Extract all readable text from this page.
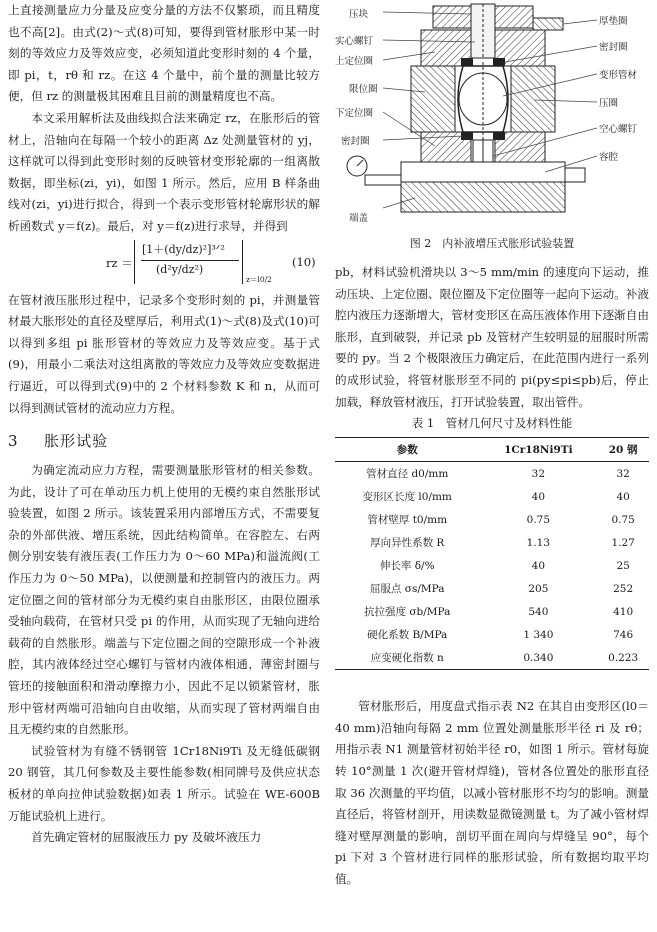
上直接测量应力分量及应变分量的方法不仅繁琐，而且精度也不高[2]。由式(2)～式(8)可知，要得到管材胀形中某一时刻的等效应力及等效应变，必须知道此变形时刻的 4 个量，即 pi，t，rθ 和 rz。在这 4 个量中，前个量的测量比较方便，但 rz 的测量极其困难且目前的测量精度也不高。

本文采用解析法及曲线拟合法来确定 rz，在胀形后的管材上，沿轴向在每隔一个较小的距离 Δz 处测量管材的 yj，这样就可以得到此变形时刻的反映管材变形轮廓的一组离散数据，即坐标(zi，yi)，如图 1 所示。然后，应用 B 样条曲线对(zi，yi)进行拟合，得到一个表示变形管材轮廓形状的解析函数式 y＝f(z)。最后，对 y＝f(z)进行求导，并得到

rz ＝
[1＋(dy/dz)²]³ᐟ²
(d²y/dz²)
z＝l0/2
(10)

在管材液压胀形过程中，记录多个变形时刻的 pi，并测量管材最大胀形处的直径及壁厚后，利用式(1)～式(8)及式(10)可以得到多组 pi 胀形管材的等效应力及等效应变。基于式(9)，用最小二乘法对这组离散的等效应力及等效应变数据进行逼近，可以得到式(9)中的 2 个材料参数 K 和 n，从而可以得到测试管材的流动应力方程。

3 胀形试验

为确定流动应力方程，需要测量胀形管材的相关参数。为此，设计了可在单动压力机上使用的无模约束自然胀形试验装置，如图 2 所示。该装置采用内部增压方式，不需要复杂的外部供液、增压系统，因此结构简单。在容腔左、右两侧分别安装有液压表(工作压力为 0～60 MPa)和溢流阀(工作压力为 0～50 MPa)，以便测量和控制管内的液压力。两定位圈之间的管材部分为无模约束自由胀形区，由限位圈承受轴向载荷，在管材只受 pi 的作用，从而实现了无轴向进给载荷的自然胀形。端盖与下定位圈之间的空隙形成一个补液腔，其内液体经过空心螺钉与管材内液体相通，薄密封圈与管坯的接触面积和滑动摩擦力小，因此不足以锁紧管材，胀形中管材两端可沿轴向自由收缩，从而实现了管材两端自由且无模约束的自然胀形。

试验管材为有缝不锈钢管 1Cr18Ni9Ti 及无缝低碳钢 20 钢管，其几何参数及主要性能参数(相同牌号及供应状态板材的单向拉伸试验数据)如表 1 所示。试验在 WE-600B 万能试验机上进行。

首先确定管材的屈服液压力 py 及破坏液压力

压块
实心螺钉
上定位圈
限位圈
下定位圈
密封圈
端盖
厚垫圈
密封圈
变形管材
压圈
空心螺钉
容腔
图 2　内补液增压式胀形试验装置

pb，材料试验机滑块以 3～5 mm/min 的速度向下运动，推动压块、上定位圈、限位圈及下定位圈等一起向下运动。补液腔内液压力逐渐增大，管材变形区在高压液体作用下逐渐自由胀形，直到破裂，并记录 pb 及管材产生较明显的屈服时所需要的 py。当 2 个极限液压力确定后，在此范围内进行一系列的成形试验，将管材胀形至不同的 pi(py≤pi≤pb)后，停止加载，释放管材液压，打开试验装置，取出管件。

表 1　管材几何尺寸及材料性能
参数	1Cr18Ni9Ti	20 钢
管材直径 d0/mm	32	32
变形区长度 l0/mm	40	40
管材壁厚 t0/mm	0.75	0.75
厚向异性系数 R	1.13	1.27
伸长率 δ/%	40	25
屈服点 σs/MPa	205	252
抗拉强度 σb/MPa	540	410
硬化系数 B/MPa	1 340	746
应变硬化指数 n	0.340	0.223

管材胀形后，用度盘式指示表 N2 在其自由变形区(l0＝40 mm)沿轴向每隔 2 mm 位置处测量胀形半径 ri 及 rθ；用指示表 N1 测量管材初始半径 r0，如图 1 所示。管材每旋转 10°测量 1 次(避开管材焊缝)，管材各位置处的胀形直径取 36 次测量的平均值，以减小管材胀形不均匀的影响。测量直径后，将管材剖开，用读数显微镜测量 t。为了减小管材焊缝对壁厚测量的影响，剖切平面在周向与焊缝呈 90°，每个 pi 下对 3 个管材进行同样的胀形试验，所有数据均取平均值。
